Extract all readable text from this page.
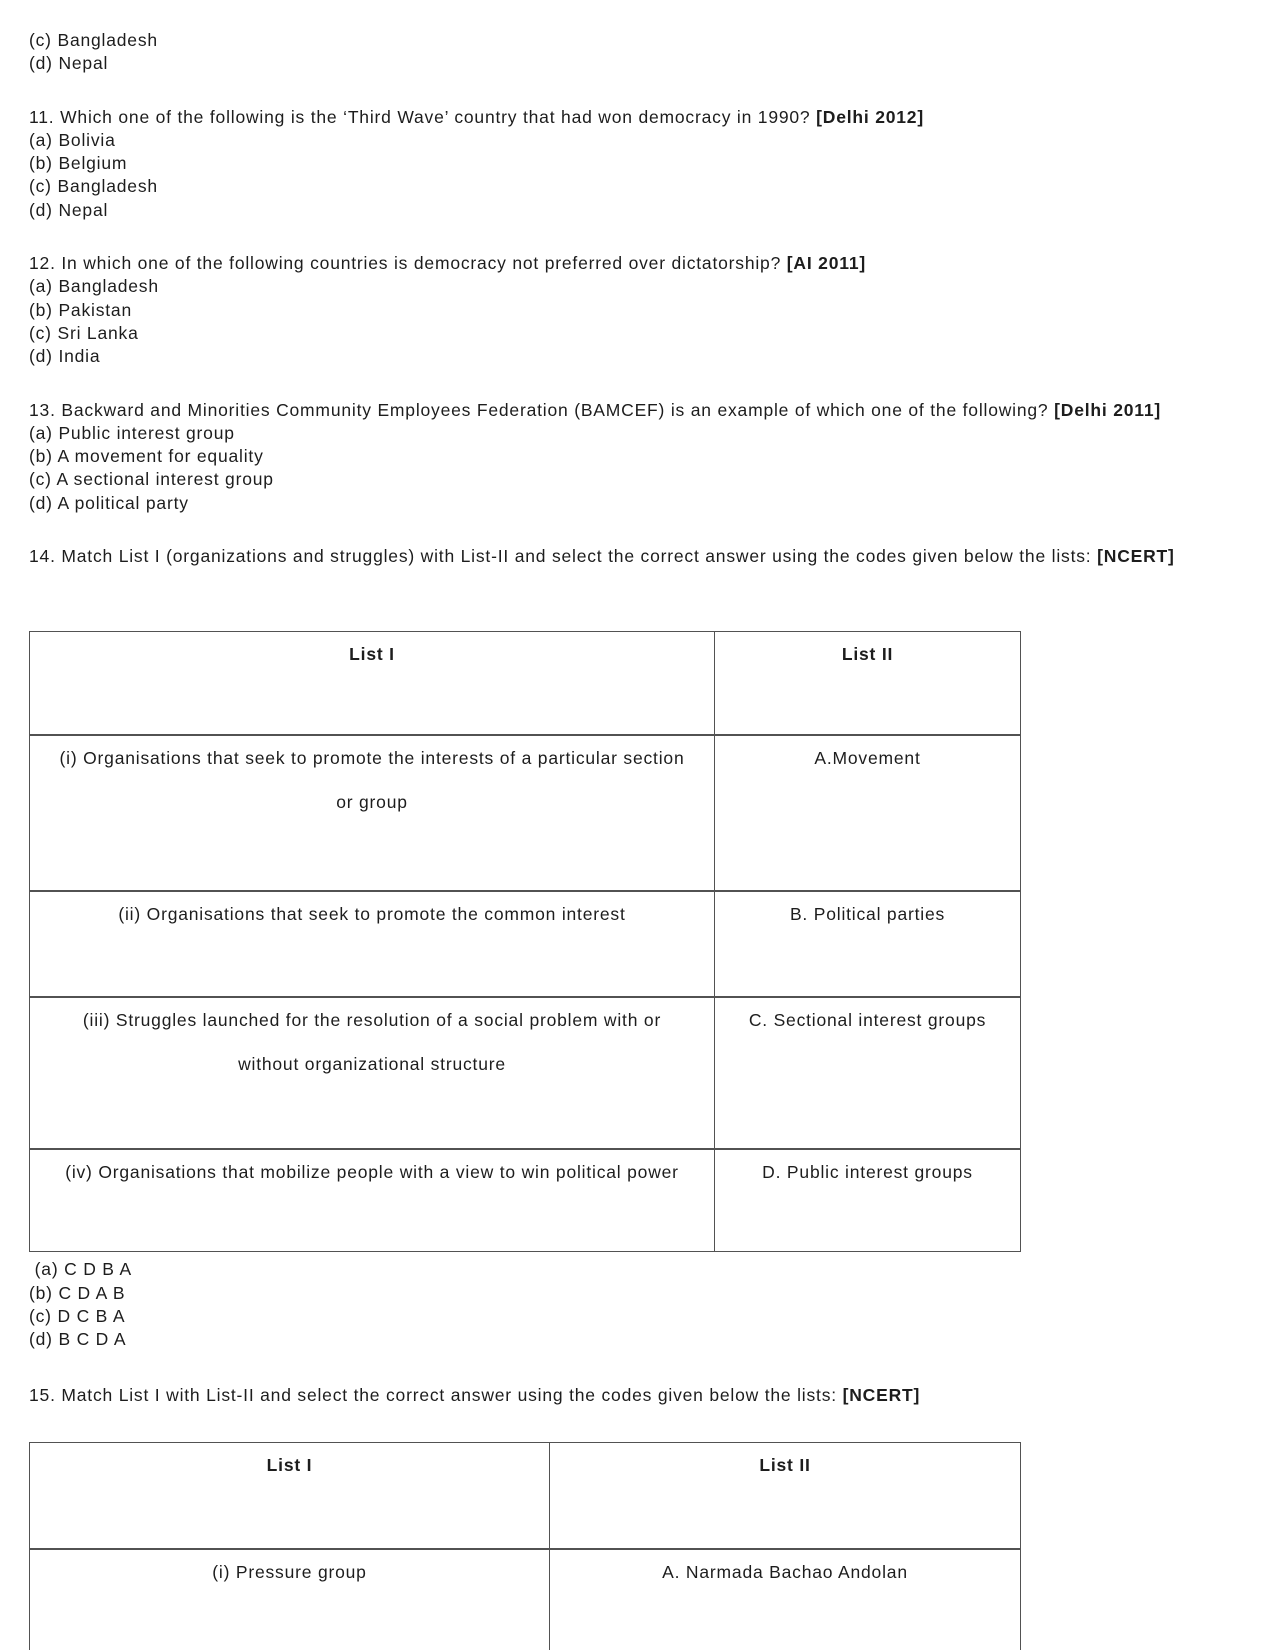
(c) Bangladesh
(d) Nepal
11. Which one of the following is the ‘Third Wave’ country that had won democracy in 1990? [Delhi 2012]
(a) Bolivia
(b) Belgium
(c) Bangladesh
(d) Nepal
12. In which one of the following countries is democracy not preferred over dictatorship? [AI 2011]
(a) Bangladesh
(b) Pakistan
(c) Sri Lanka
(d) India
13. Backward and Minorities Community Employees Federation (BAMCEF) is an example of which one of the following? [Delhi 2011]
(a) Public interest group
(b) A movement for equality
(c) A sectional interest group
(d) A political party
14. Match List I (organizations and struggles) with List-II and select the correct answer using the codes given below the lists: [NCERT]
List I	List II

(i) Organisations that seek to promote the interests of a particular section
or group	A.Movement

(ii) Organisations that seek to promote the common interest	B. Political parties

(iii) Struggles launched for the resolution of a social problem with or
without organizational structure	C. Sectional interest groups

(iv) Organisations that mobilize people with a view to win political power	D. Public interest groups
(a) C D B A
(b) C D A B
(c) D C B A
(d) B C D A
15. Match List I with List-II and select the correct answer using the codes given below the lists: [NCERT]
List I	List II

(i) Pressure group	A. Narmada Bachao Andolan
